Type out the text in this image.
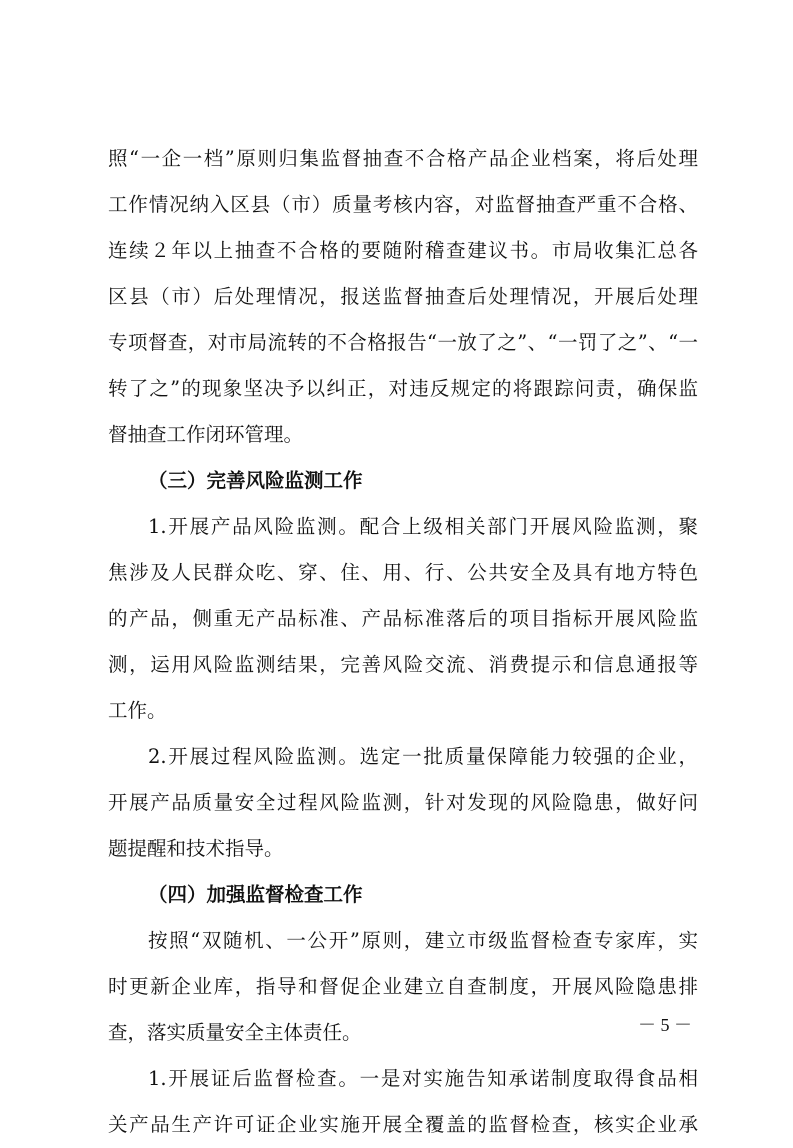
照“一企一档”原则归集监督抽查不合格产品企业档案，将后处理
工作情况纳入区县（市）质量考核内容，对监督抽查严重不合格、
连续２年以上抽查不合格的要随附稽查建议书。市局收集汇总各
区县（市）后处理情况，报送监督抽查后处理情况，开展后处理
专项督查，对市局流转的不合格报告“一放了之”、“一罚了之”、“一
转了之”的现象坚决予以纠正，对违反规定的将跟踪问责，确保监
督抽查工作闭环管理。
（三）完善风险监测工作
1.开展产品风险监测。配合上级相关部门开展风险监测，聚
焦涉及人民群众吃、穿、住、用、行、公共安全及具有地方特色
的产品，侧重无产品标准、产品标准落后的项目指标开展风险监
测，运用风险监测结果，完善风险交流、消费提示和信息通报等
工作。
2.开展过程风险监测。选定一批质量保障能力较强的企业，
开展产品质量安全过程风险监测，针对发现的风险隐患，做好问
题提醒和技术指导。
（四）加强监督检查工作
按照“双随机、一公开”原则，建立市级监督检查专家库，实
时更新企业库，指导和督促企业建立自查制度，开展风险隐患排
查，落实质量安全主体责任。
1.开展证后监督检查。一是对实施告知承诺制度取得食品相
关产品生产许可证企业实施开展全覆盖的监督检查，核实企业承
－ 5 －
